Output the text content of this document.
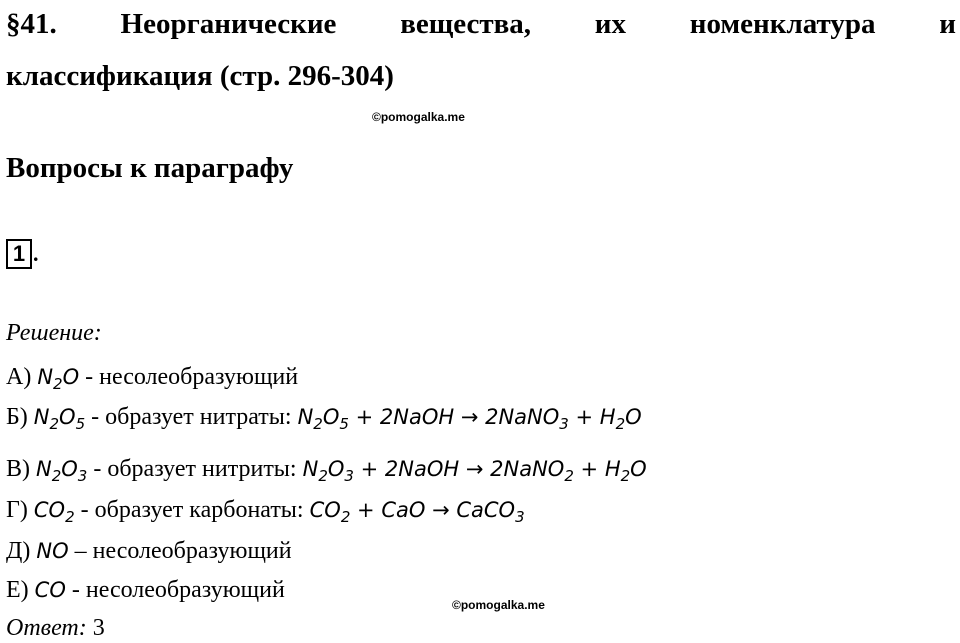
§41. Неорганические вещества, их номенклатура и
классификация (стр. 296-304)
©pomogalka.me
Вопросы к параграфу
1 .
Решение:
А) $N_2O$ - несолеобразующий
Б) $N_2O_5$ - образует нитраты: $N_2O_5$ + 2NaOH → 2NaNO$_3$ + $H_2O$
В) $N_2O_3$ - образует нитриты: $N_2O_3$ + 2NaOH → 2NaNO$_2$ + $H_2O$
Г) $CO_2$ - образует карбонаты: $CO_2$ + CaO → CaCO$_3$
Д) NO – несолеобразующий
Е) CO - несолеобразующий
©pomogalka.me
Ответ: 3
